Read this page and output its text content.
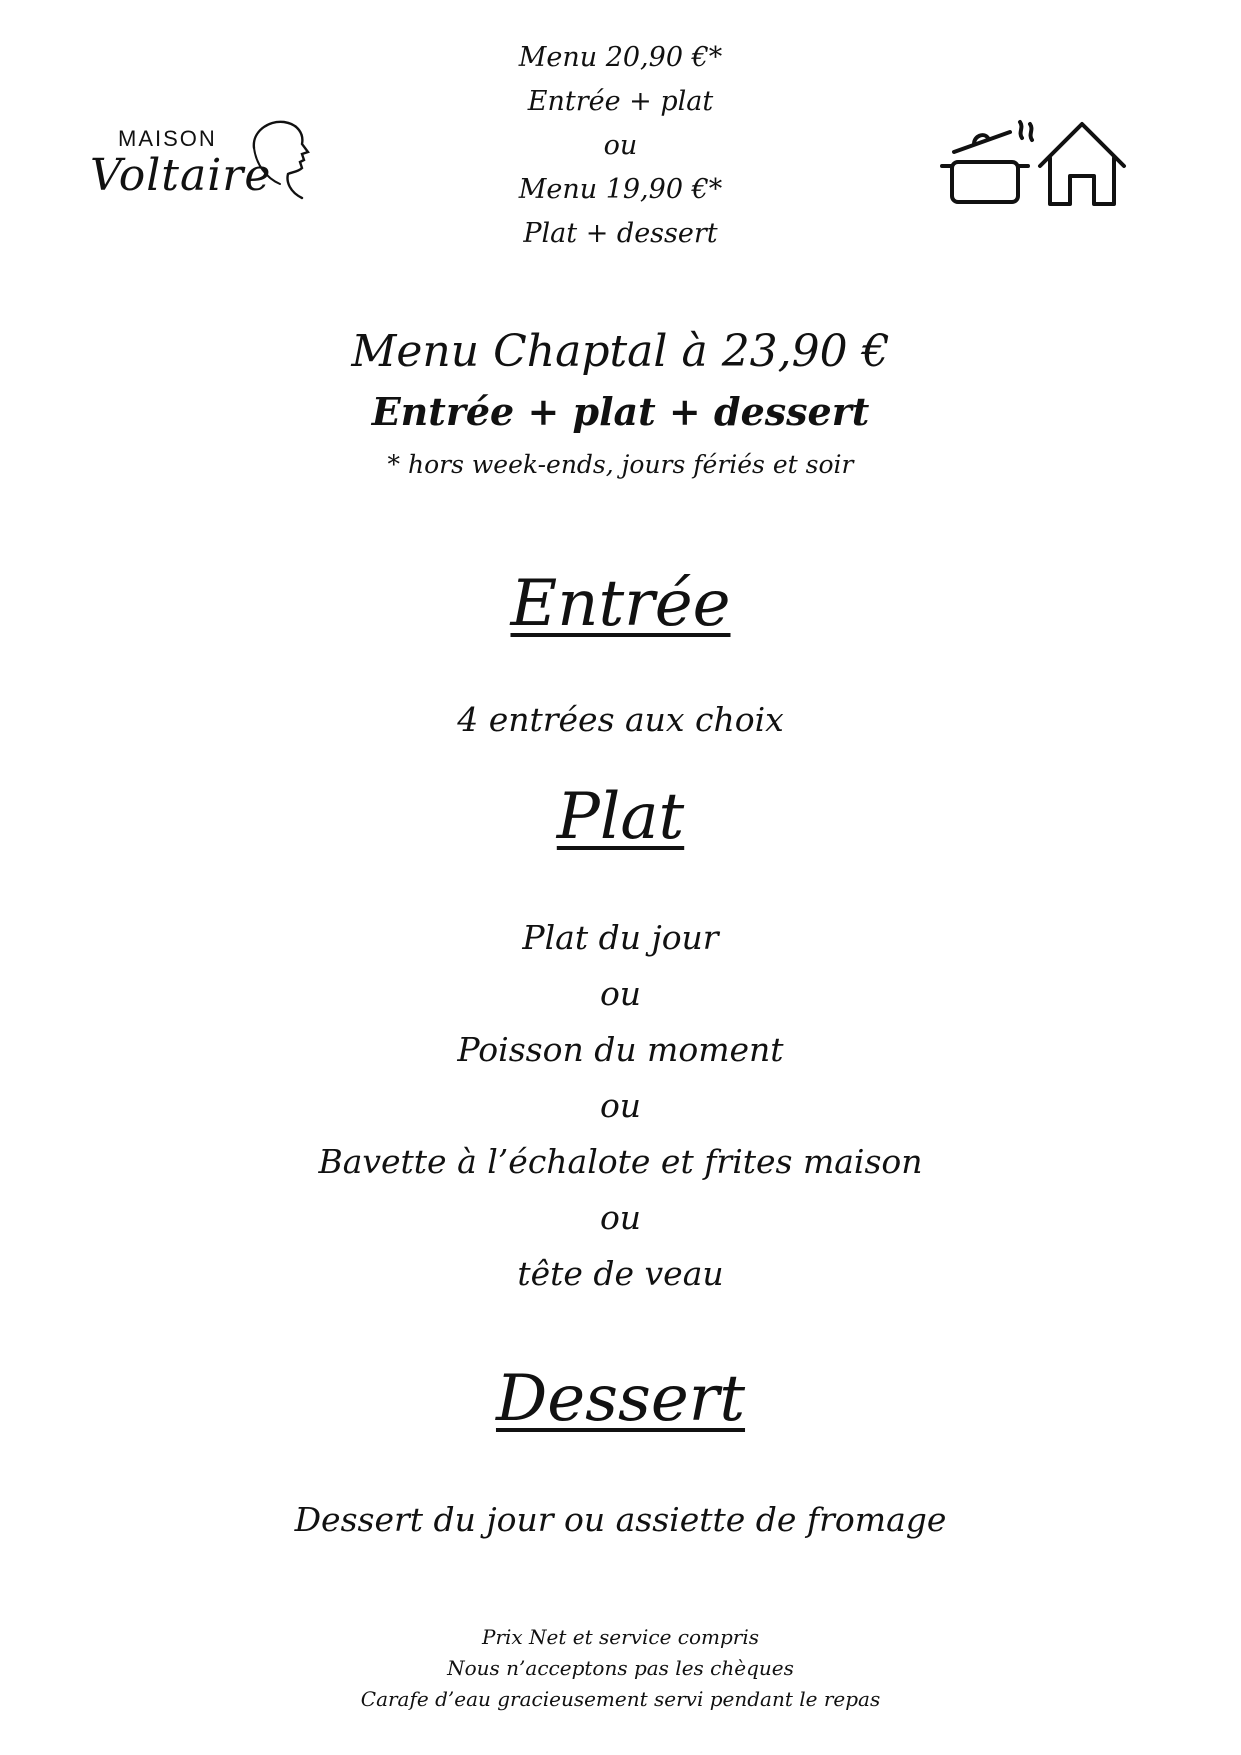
MAISON
Voltaire
Menu 20,90 €*
Entrée + plat
ou
Menu 19,90 €*
Plat + dessert
Menu Chaptal à 23,90 €
Entrée + plat + dessert
* hors week-ends, jours fériés et soir
Entrée
4 entrées aux choix
Plat
Plat du jour
ou
Poisson du moment
ou
Bavette à l’échalote et frites maison
ou
tête de veau
Dessert
Dessert du jour ou assiette de fromage
Prix Net et service compris
Nous n’acceptons pas les chèques
Carafe d’eau gracieusement servi pendant le repas
